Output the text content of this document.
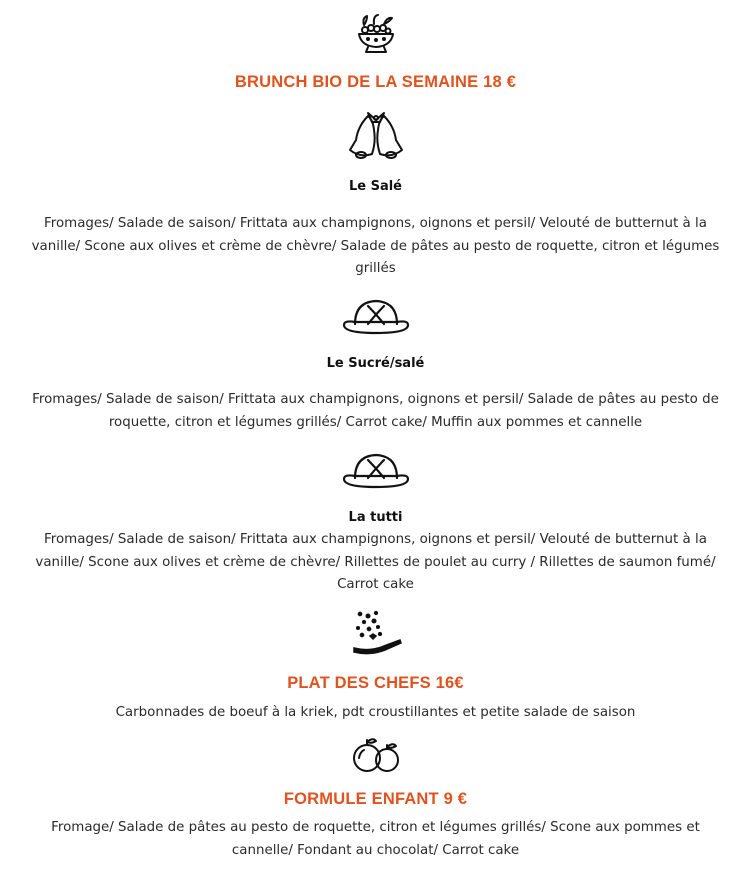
BRUNCH BIO DE LA SEMAINE 18 €
Le Salé

Fromages/ Salade de saison/ Frittata aux champignons, oignons et persil/ Velouté de butternut à la vanille/ Scone aux olives et crème de chèvre/ Salade de pâtes au pesto de roquette, citron et légumes grillés

Le Sucré/salé

Fromages/ Salade de saison/ Frittata aux champignons, oignons et persil/ Salade de pâtes au pesto de roquette, citron et légumes grillés/ Carrot cake/ Muffin aux pommes et cannelle

La tutti

Fromages/ Salade de saison/ Frittata aux champignons, oignons et persil/ Velouté de butternut à la vanille/ Scone aux olives et crème de chèvre/ Rillettes de poulet au curry / Rillettes de saumon fumé/ Carrot cake

PLAT DES CHEFS 16€

Carbonnades de boeuf à la kriek, pdt croustillantes et petite salade de saison

FORMULE ENFANT 9 €

Fromage/ Salade de pâtes au pesto de roquette, citron et légumes grillés/ Scone aux pommes et cannelle/ Fondant au chocolat/ Carrot cake
